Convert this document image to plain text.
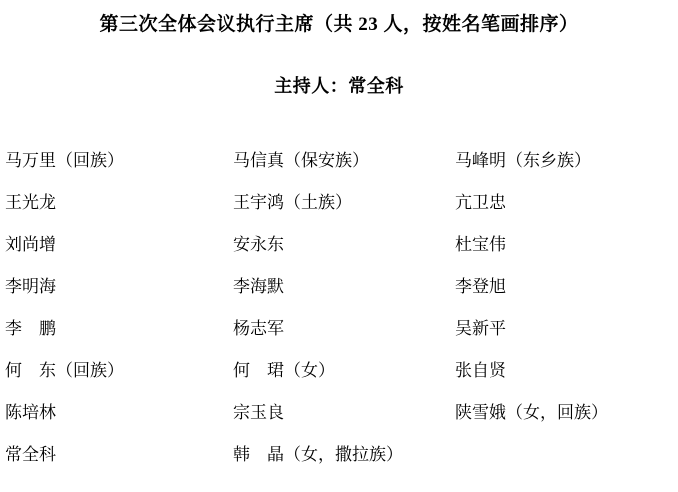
第三次全体会议执行主席（共 23 人，按姓名笔画排序）
主持人：常全科
马万里（回族）	马信真（保安族）	马峰明（东乡族）
王光龙	王宇鸿（土族）	亢卫忠
刘尚增	安永东	杜宝伟
李明海	李海默	李登旭
李　鹏	杨志军	吴新平
何　东（回族）	何　珺（女）	张自贤
陈培林	宗玉良	陕雪娥（女，回族）
常全科	韩　晶（女，撒拉族）	
